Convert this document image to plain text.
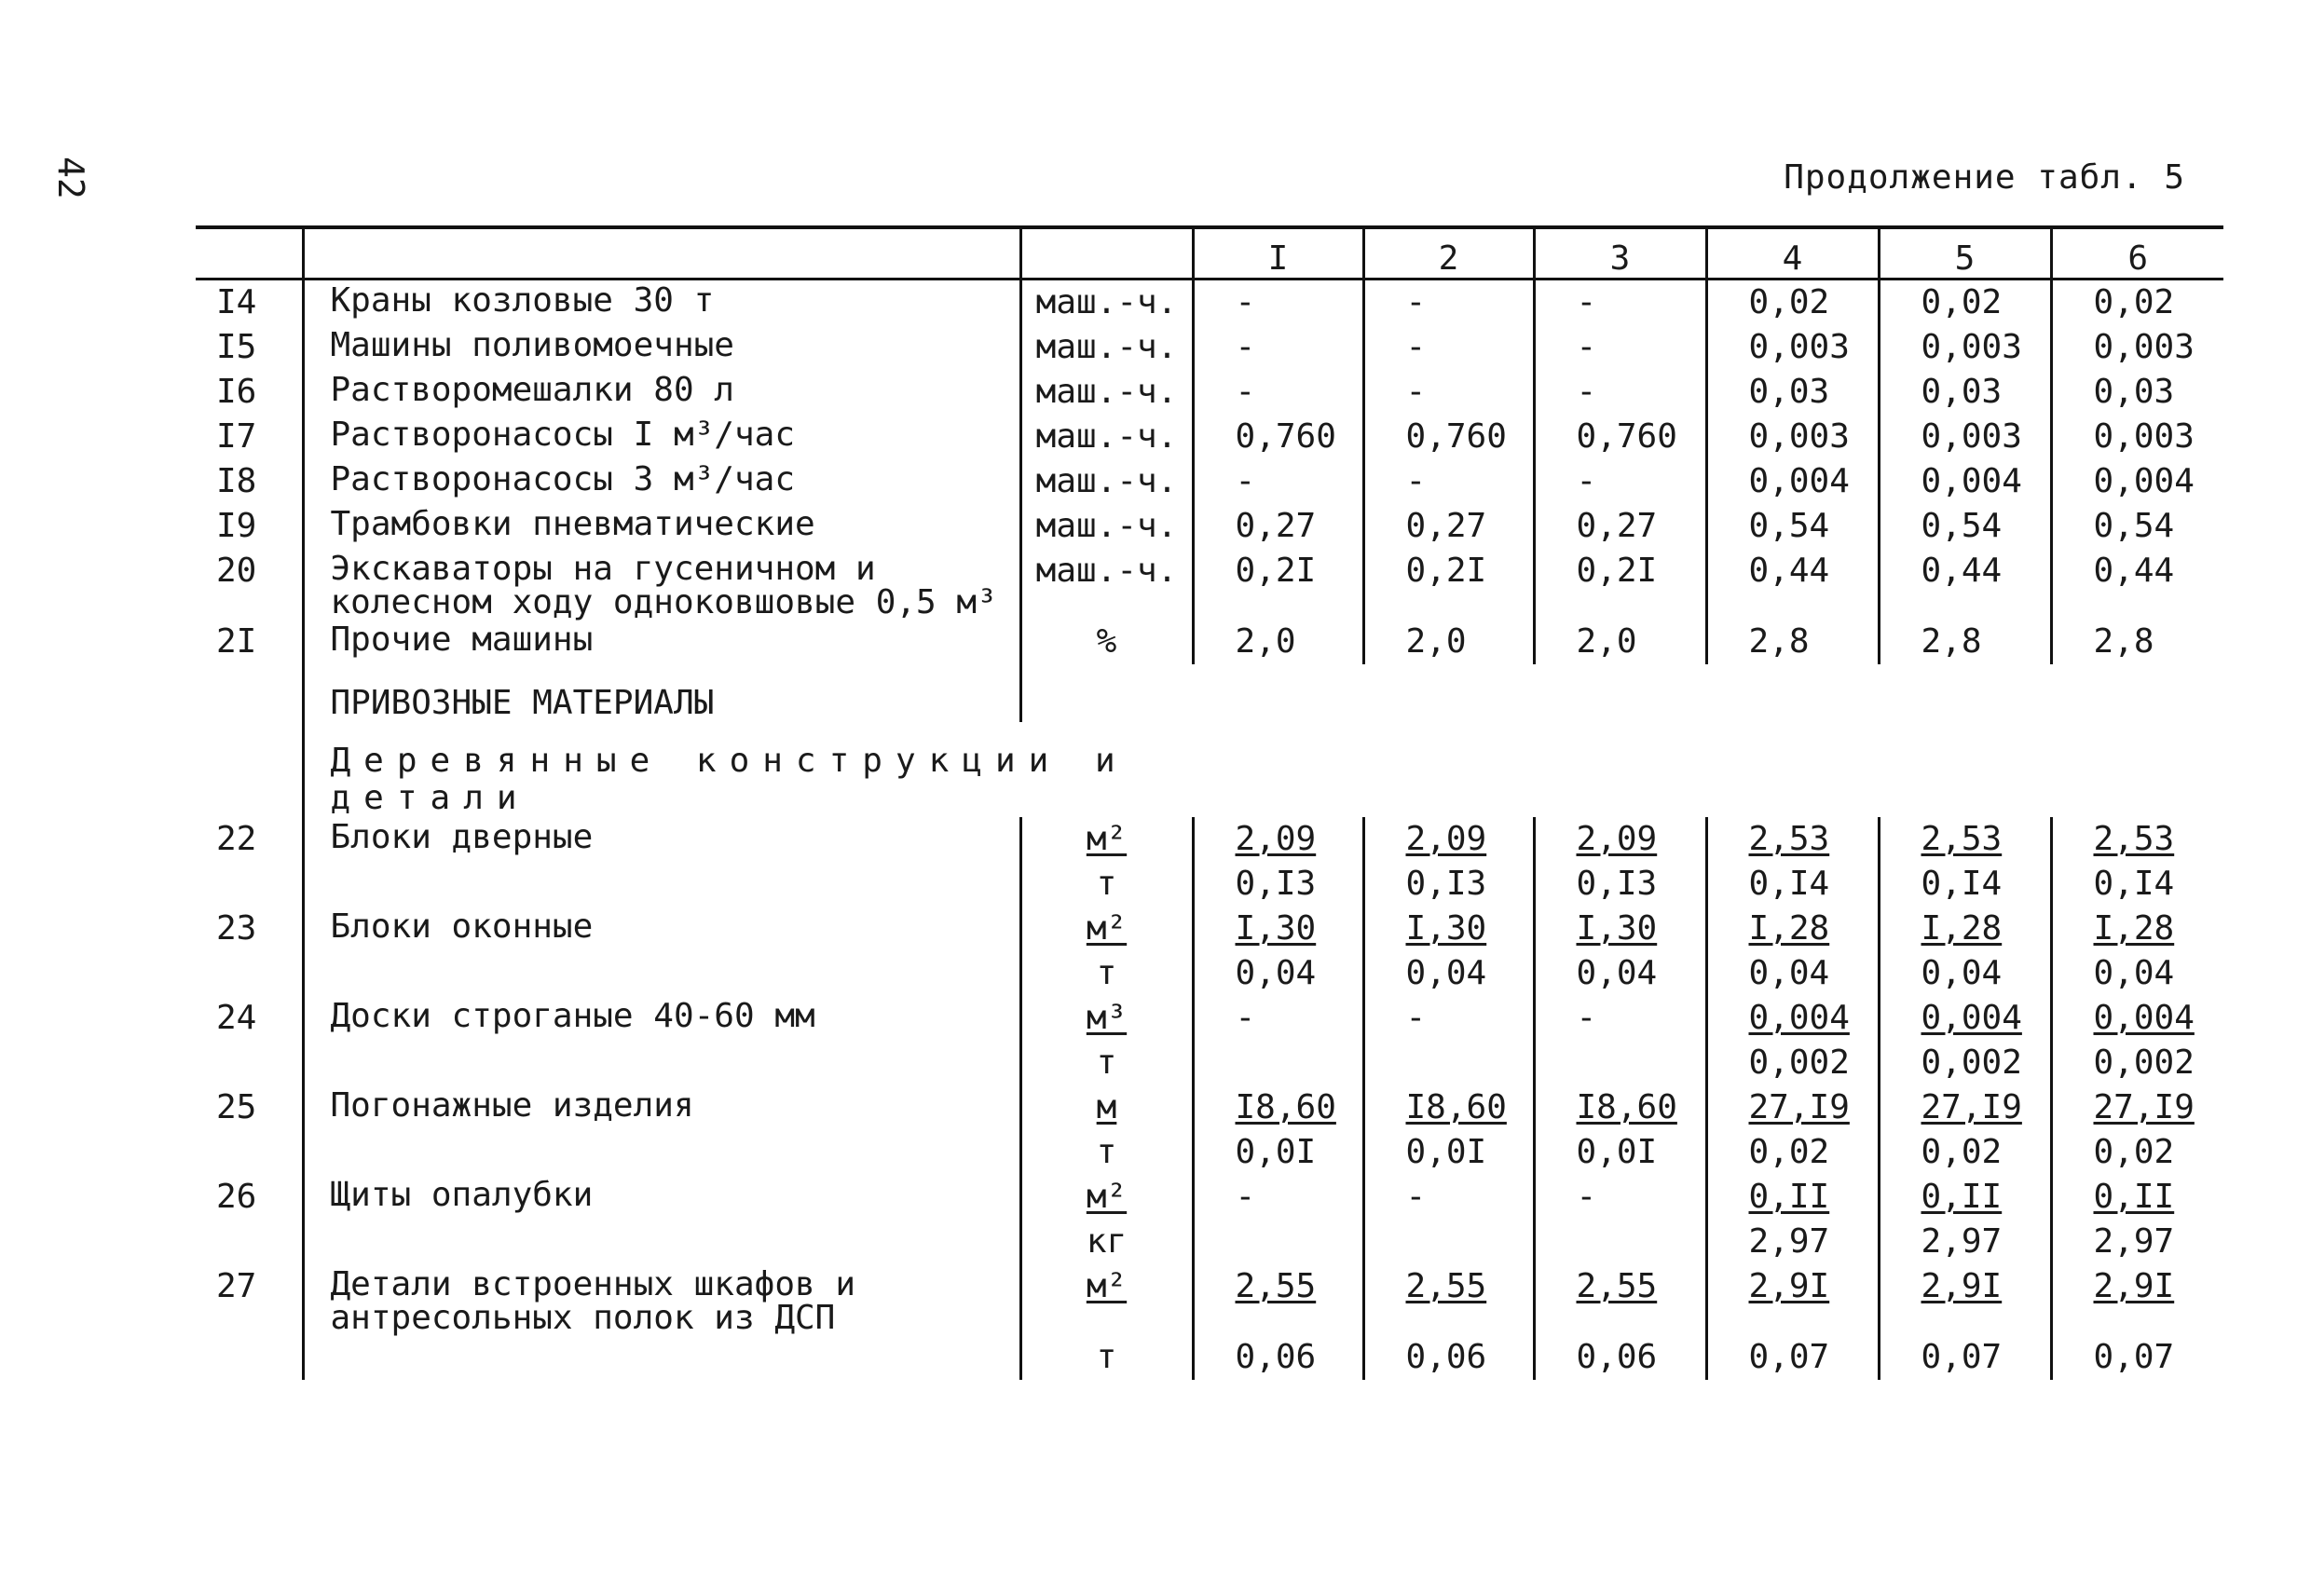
42	Продолжение табл. 5
			I	2	3	4	5	6
I4	Краны козловые 30 т	маш.-ч.	-	-	-	0,02	0,02	0,02
I5	Машины поливомоечные	маш.-ч.	-	-	-	0,003	0,003	0,003
I6	Растворомешалки 80 л	маш.-ч.	-	-	-	0,03	0,03	0,03
I7	Растворонасосы I м³/час	маш.-ч.	0,760	0,760	0,760	0,003	0,003	0,003
I8	Растворонасосы 3 м³/час	маш.-ч.	-	-	-	0,004	0,004	0,004
I9	Трамбовки пневматические	маш.-ч.	0,27	0,27	0,27	0,54	0,54	0,54
20	Экскаваторы на гусеничном и колесном ходу одноковшовые 0,5 м³	маш.-ч.	0,2I	0,2I	0,2I	0,44	0,44	0,44
2I	Прочие машины	%	2,0	2,0	2,0	2,8	2,8	2,8
	ПРИВОЗНЫЕ МАТЕРИАЛЫ							
	Деревянные конструкции и детали							
22	Блоки дверные	м²	2,09	2,09	2,09	2,53	2,53	2,53
		т	0,I3	0,I3	0,I3	0,I4	0,I4	0,I4
23	Блоки оконные	м²	I,30	I,30	I,30	I,28	I,28	I,28
		т	0,04	0,04	0,04	0,04	0,04	0,04
24	Доски строганые 40-60 мм	м³	-	-	-	0,004	0,004	0,004
		т				0,002	0,002	0,002
25	Погонажные изделия	м	I8,60	I8,60	I8,60	27,I9	27,I9	27,I9
		т	0,0I	0,0I	0,0I	0,02	0,02	0,02
26	Щиты опалубки	м²	-	-	-	0,II	0,II	0,II
		кг				2,97	2,97	2,97
27	Детали встроенных шкафов и антресольных полок из ДСП	м²	2,55	2,55	2,55	2,9I	2,9I	2,9I
		т	0,06	0,06	0,06	0,07	0,07	0,07
